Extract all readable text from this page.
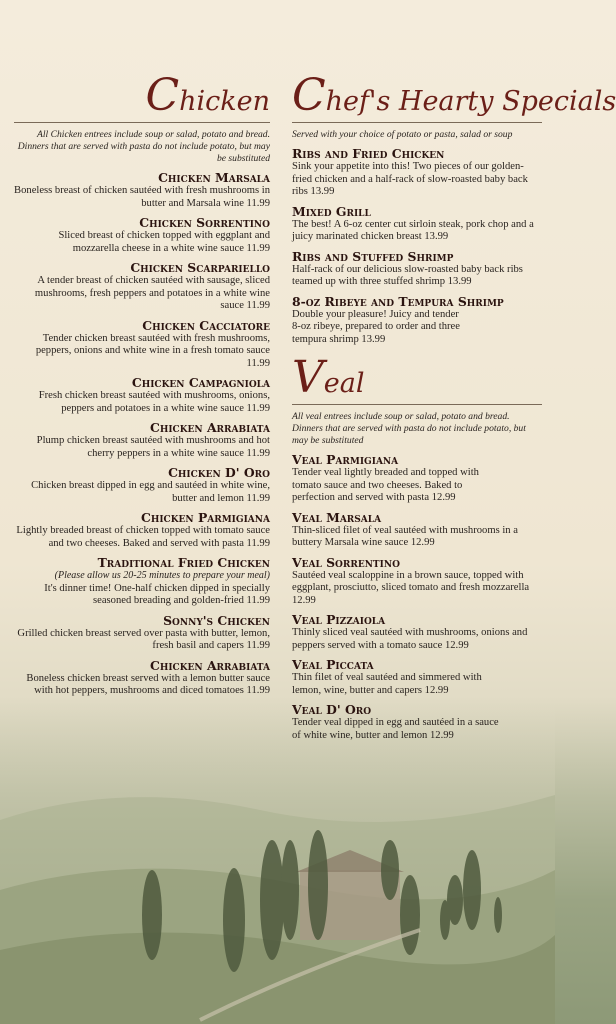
Chicken
All Chicken entrees include soup or salad, potato and bread. Dinners that are served with pasta do not include potato, but may be substituted
Chicken Marsala
Boneless breast of chicken sautéed with fresh mushrooms in butter and Marsala wine 11.99
Chicken Sorrentino
Sliced breast of chicken topped with eggplant and mozzarella cheese in a white wine sauce 11.99
Chicken Scarpariello
A tender breast of chicken sautéed with sausage, sliced mushrooms, fresh peppers and potatoes in a white wine sauce 11.99
Chicken Cacciatore
Tender chicken breast sautéed with fresh mushrooms, peppers, onions and white wine in a fresh tomato sauce 11.99
Chicken Campagniola
Fresh chicken breast sautéed with mushrooms, onions, peppers and potatoes in a white wine sauce 11.99
Chicken Arrabiata
Plump chicken breast sautéed with mushrooms and hot cherry peppers in a white wine sauce 11.99
Chicken D' Oro
Chicken breast dipped in egg and sautéed in white wine, butter and lemon 11.99
Chicken Parmigiana
Lightly breaded breast of chicken topped with tomato sauce and two cheeses. Baked and served with pasta 11.99
Traditional Fried Chicken
(Please allow us 20-25 minutes to prepare your meal)
It's dinner time! One-half chicken dipped in specially seasoned breading and golden-fried 11.99
Sonny's Chicken
Grilled chicken breast served over pasta with butter, lemon, fresh basil and capers 11.99
Chicken Arrabiata
Boneless chicken breast served with a lemon butter sauce with hot peppers, mushrooms and diced tomatoes 11.99
Chef's Hearty Specials
Served with your choice of potato or pasta, salad or soup
Ribs and Fried Chicken
Sink your appetite into this! Two pieces of our golden-fried chicken and a half-rack of slow-roasted baby back ribs 13.99
Mixed Grill
The best! A 6-oz center cut sirloin steak, pork chop and a juicy marinated chicken breast 13.99
Ribs and Stuffed Shrimp
Half-rack of our delicious slow-roasted baby back ribs teamed up with three stuffed shrimp 13.99
8-oz Ribeye and Tempura Shrimp
Double your pleasure! Juicy and tender 8-oz ribeye, prepared to order and three tempura shrimp 13.99
Veal
All veal entrees include soup or salad, potato and bread. Dinners that are served with pasta do not include potato, but may be substituted
Veal Parmigiana
Tender veal lightly breaded and topped with tomato sauce and two cheeses. Baked to perfection and served with pasta 12.99
Veal Marsala
Thin-sliced filet of veal sautéed with mushrooms in a buttery Marsala wine sauce 12.99
Veal Sorrentino
Sautéed veal scaloppine in a brown sauce, topped with eggplant, prosciutto, sliced tomato and fresh mozzarella 12.99
Veal Pizzaiola
Thinly sliced veal sautéed with mushrooms, onions and peppers served with a tomato sauce 12.99
Veal Piccata
Thin filet of veal sautéed and simmered with lemon, wine, butter and capers 12.99
Veal D' Oro
Tender veal dipped in egg and sautéed in a sauce of white wine, butter and lemon 12.99
